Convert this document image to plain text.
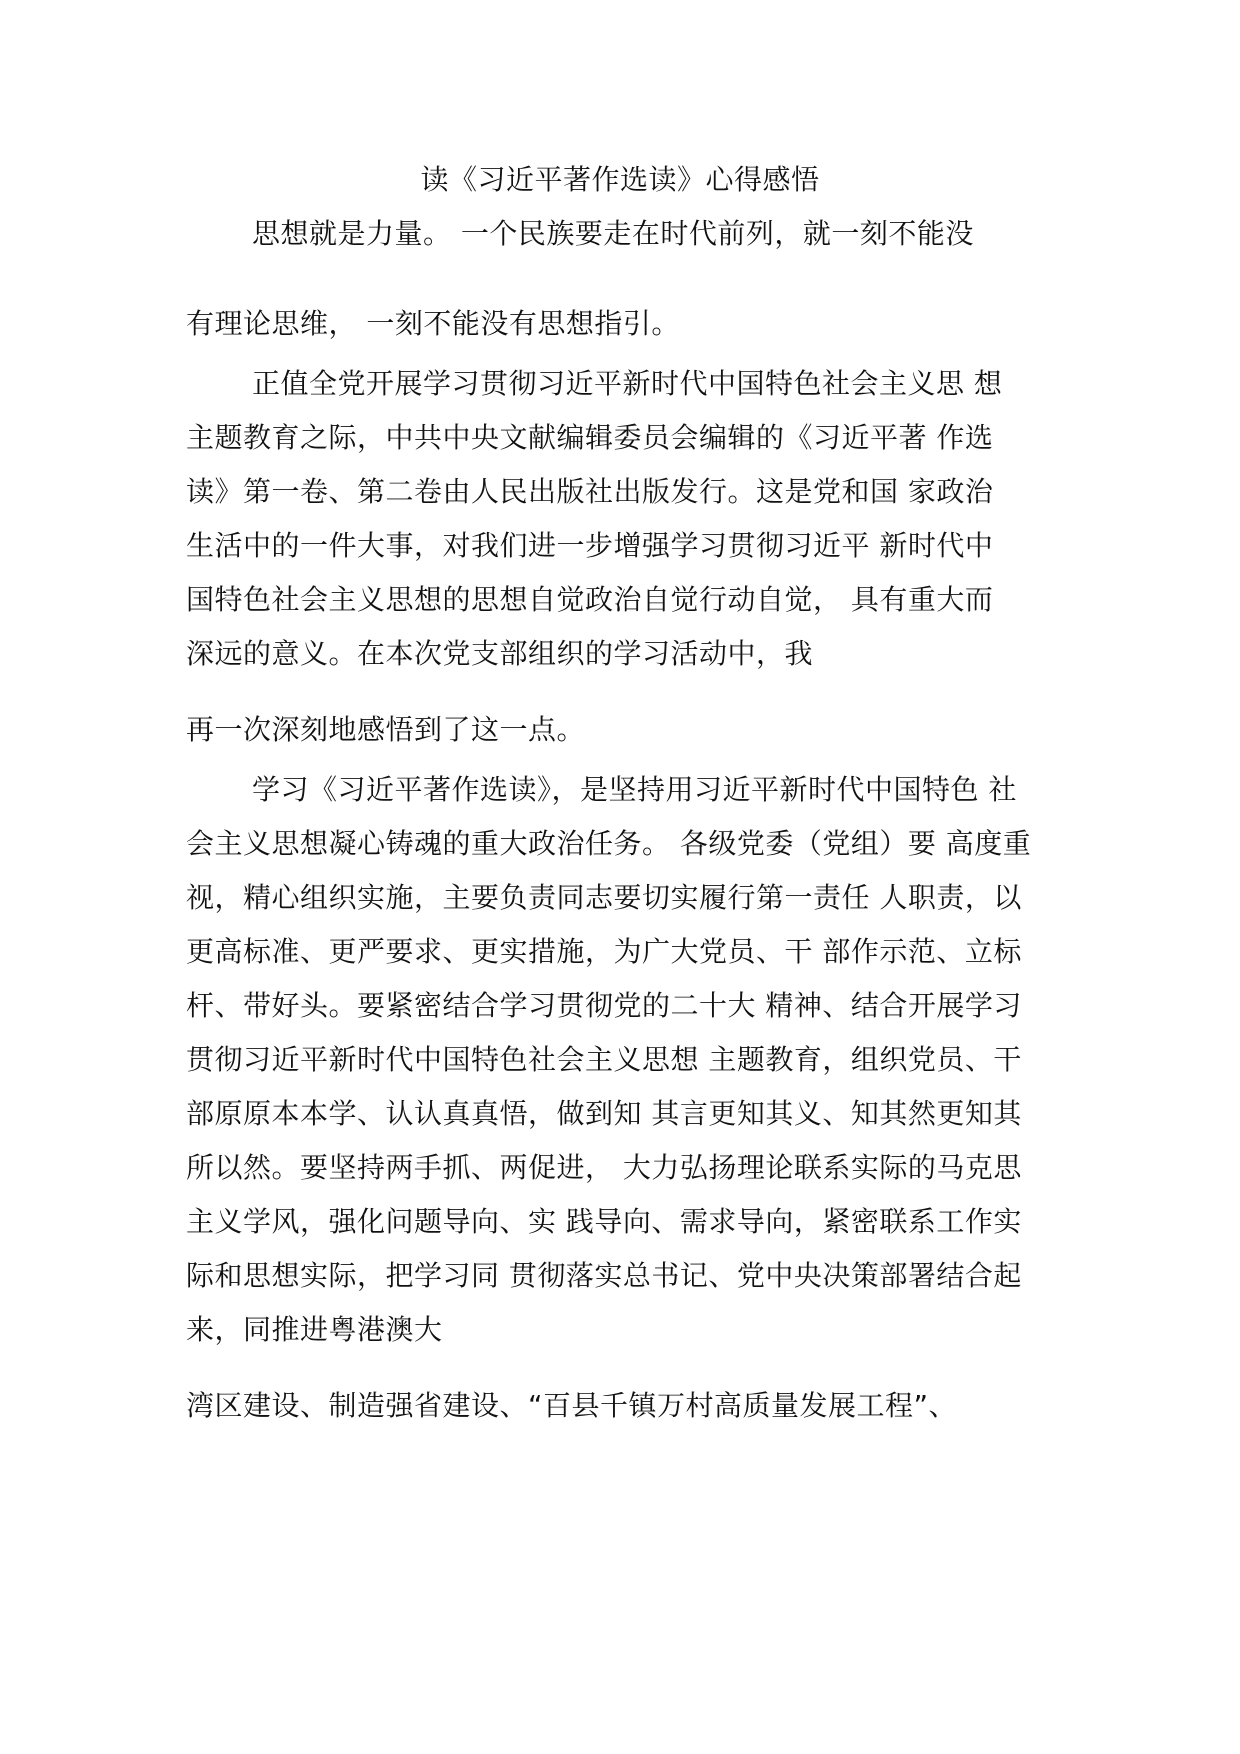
读《习近平著作选读》心得感悟
思想就是力量。 一个民族要走在时代前列，就一刻不能没
有理论思维， 一刻不能没有思想指引。
正值全党开展学习贯彻习近平新时代中国特色社会主义思 想
主题教育之际，中共中央文献编辑委员会编辑的《习近平著 作选
读》第一卷、第二卷由人民出版社出版发行。这是党和国 家政治
生活中的一件大事，对我们进一步增强学习贯彻习近平 新时代中
国特色社会主义思想的思想自觉政治自觉行动自觉， 具有重大而
深远的意义。在本次党支部组织的学习活动中，我
再一次深刻地感悟到了这一点。
学习《习近平著作选读》，是坚持用习近平新时代中国特色 社
会主义思想凝心铸魂的重大政治任务。 各级党委（党组）要 高度重
视，精心组织实施，主要负责同志要切实履行第一责任 人职责，以
更高标准、更严要求、更实措施，为广大党员、干 部作示范、立标
杆、带好头。要紧密结合学习贯彻党的二十大 精神、结合开展学习
贯彻习近平新时代中国特色社会主义思想 主题教育，组织党员、干
部原原本本学、认认真真悟，做到知 其言更知其义、知其然更知其
所以然。要坚持两手抓、两促进， 大力弘扬理论联系实际的马克思
主义学风，强化问题导向、实 践导向、需求导向，紧密联系工作实
际和思想实际，把学习同 贯彻落实总书记、党中央决策部署结合起
来，同推进粤港澳大
湾区建设、制造强省建设、“百县千镇万村高质量发展工程”、
